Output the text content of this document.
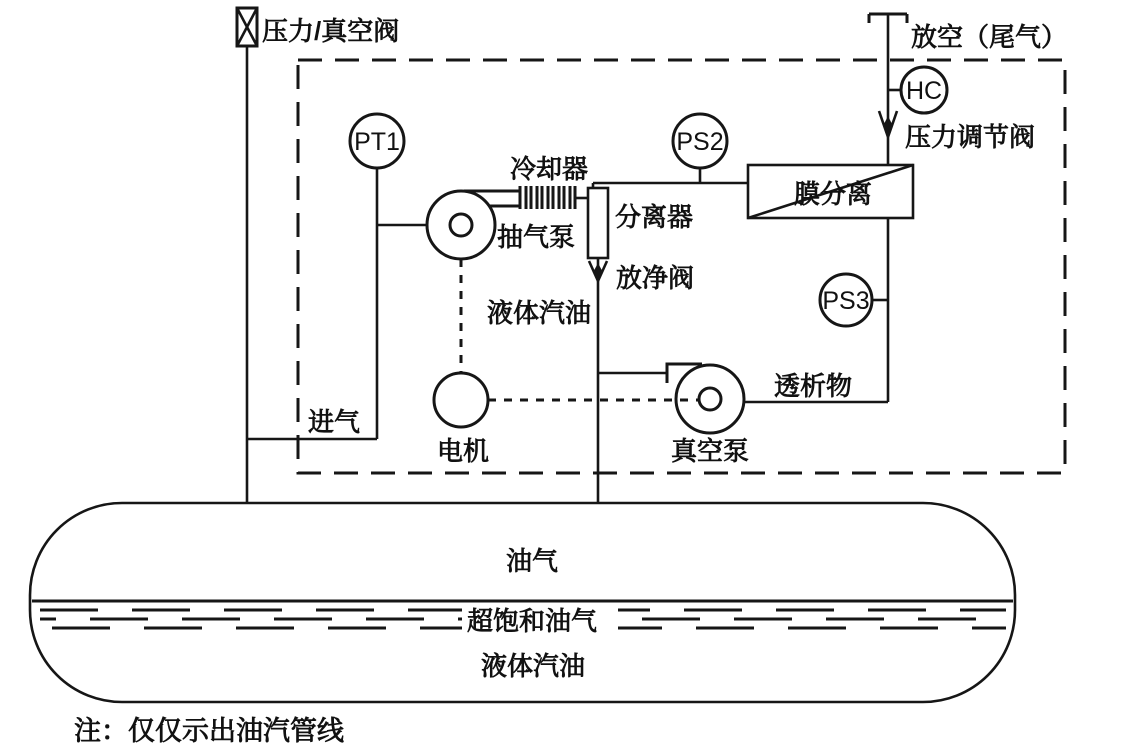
压力/真空阀
进气
PT1
冷却器
分离器
PS2
膜分离
放空（尾气）
压力调节阀
HC
PS3
透析物
电机	真空泵
抽气泵
放净阀
液体汽油
油气
超饱和油气
液体汽油
注：仅仅示出油汽管线
